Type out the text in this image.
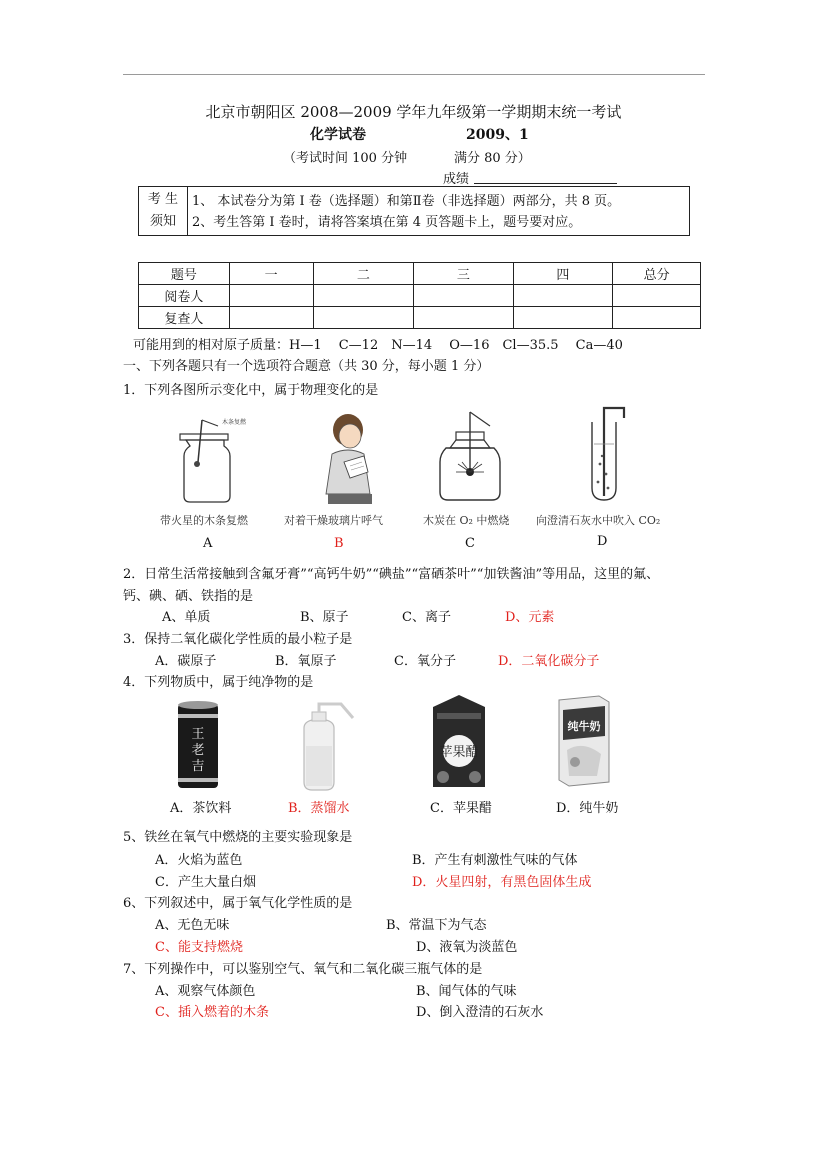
北京市朝阳区 2008—2009 学年九年级第一学期期末统一考试
化学试卷	2009、1
（考试时间 100 分钟	满分 80 分）
成绩
考 生
须知
	1、 本试卷分为第 I 卷（选择题）和第Ⅱ卷（非选择题）两部分，共 8 页。
2、考生答第 I 卷时，请将答案填在第 4 页答题卡上，题号要对应。
题号	一	二	三	四	总分
阅卷人					
复查人					
可能用到的相对原子质量：H—1　 C—12　N—14　 O—16　Cl—35.5　 Ca—40
一、下列各题只有一个选项符合题意（共 30 分，每小题 1 分）
1．下列各图所示变化中，属于物理变化的是
木条复燃
带火星的木条复燃	对着干燥玻璃片呼气	木炭在 O₂ 中燃烧 向澄清石灰水中吹入 CO₂
A	B	C	D
2．日常生活常接触到含氟牙膏”“高钙牛奶”“碘盐”“富硒茶叶”“加铁酱油”等用品，这里的氟、
钙、碘、硒、铁指的是
A、单质	B、原子	C、离子	D、元素
3．保持二氧化碳化学性质的最小粒子是
A．碳原子	B．氧原子	C．氧分子	D．二氧化碳分子
4．下列物质中，属于纯净物的是
王
老
吉
苹果醋
纯牛奶
A．茶饮料	B．蒸馏水	C．苹果醋	D．纯牛奶
5、铁丝在氧气中燃烧的主要实验现象是
A．火焰为蓝色	B．产生有刺激性气味的气体
C．产生大量白烟	D．火星四射，有黑色固体生成
6、下列叙述中，属于氧气化学性质的是
A、无色无味	B、常温下为气态
C、能支持燃烧	D、液氧为淡蓝色
7、下列操作中，可以鉴别空气、氧气和二氧化碳三瓶气体的是
A、观察气体颜色	B、闻气体的气味
C、插入燃着的木条	D、倒入澄清的石灰水
